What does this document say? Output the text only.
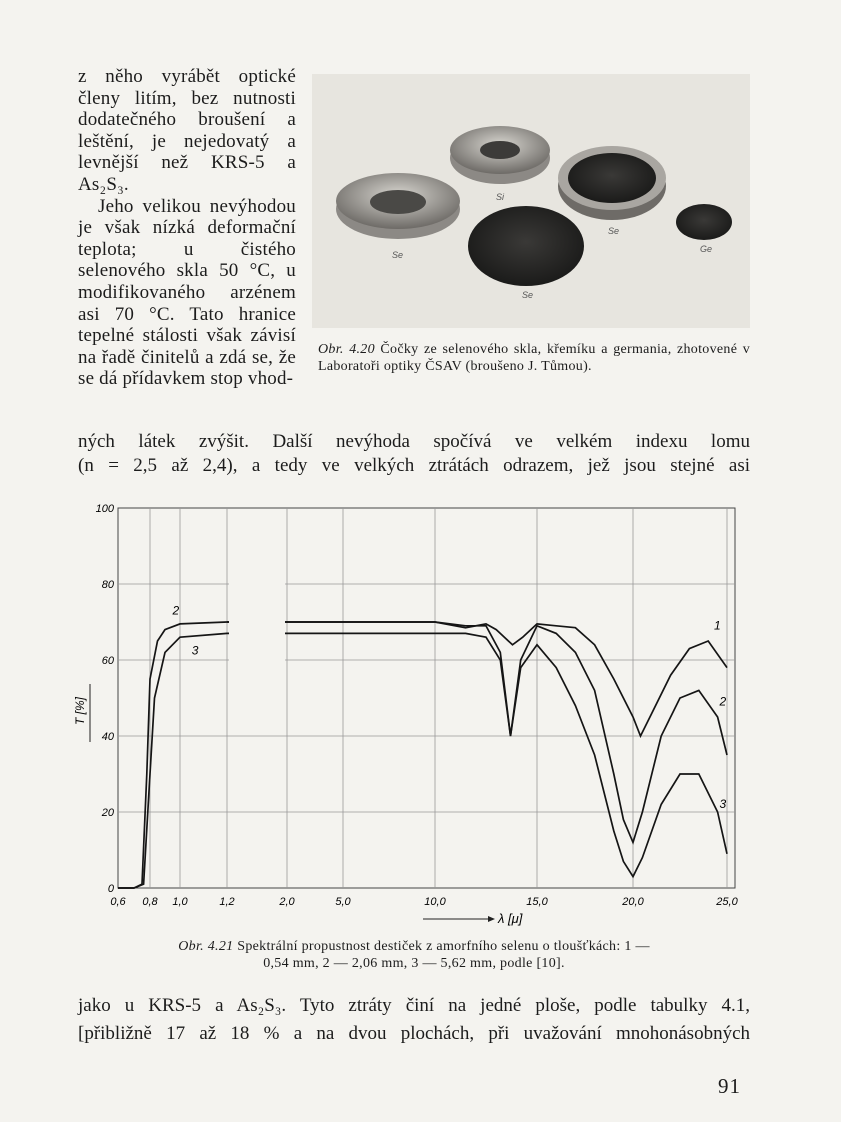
z něho vyrábět optické členy litím, bez nutnosti dodatečného broušení a leštění, je nejedovatý a levnější než KRS-5 a As₂S₃.

Jeho velikou nevýhodou je však nízká deformační teplota; u čistého selenového skla 50 °C, u modifikovaného arzénem asi 70 °C. Tato hranice tepelné stálosti však závisí na řadě činitelů a zdá se, že se dá přídavkem stop vhod-

Si
Se
Se
Ge
Se
Obr. 4.20 Čočky ze selenového skla, křemíku a germania, zhotovené v Laboratoři optiky ČSAV (broušeno J. Tůmou).
ných látek zvýšit. Další nevýhoda spočívá ve velkém indexu lomu
(n = 2,5 až 2,4), a tedy ve velkých ztrátách odrazem, jež jsou stejné asi
100
80
60
40
20
0
0,6 0,8 1,0	1,2	2,0	5,0	10,0	15,0	20,0	25,0
1
2
3
2
3
T [%]
λ [μ]
Obr. 4.21 Spektrální propustnost destiček z amorfního selenu o tloušťkách: 1 —
0,54 mm, 2 — 2,06 mm, 3 — 5,62 mm, podle [10].
jako u KRS-5 a As₂S₃. Tyto ztráty činí na jedné ploše, podle tabulky 4.1,
[přibližně 17 až 18 % a na dvou plochách, při uvažování mnohonásobných
91
